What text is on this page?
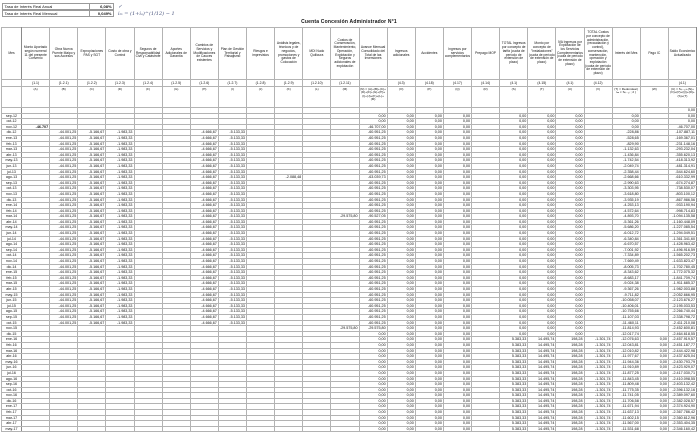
Tasa de Interés Real Anual	6,08%	✓
Tasa de Interés Real Mensual	0,049%	iₘ = (1+iₐ)^(1/12) − 1
Cuenta Concesión Administrador N°1
Mes	Monto Aportado según numeral 11 del presente Convenio	Obra Nueva Puente Maipo y sus Accesos	Expropiaciones PAS y SGT	Costo de obra y Control	Seguros de Responsabilidad Civil y Catástrofe	Aportes Adicionales de Garantía	Cambios de Servicios y Modificaciones de Cauces existentes	Plan de Gestión Territorial y Paisajismo	Riesgos e imprevistos	Análisis legales, técnicos y de negocios, promociones y gastos de Colocación	MDI Nudo Quilicura	Costos de Conservación, Mantenimiento, Operación, Explotación y Seguros adicionales de explotación	Avance Mensual Consolidado del Total de las Inversiones	Ingresos adicionales	Accidentes	Ingresos por servicios complementarios	Prepago MOP	TOTAL Ingresos por concepto de tarifa (cuota de período de extensión de plazo)	Monto por concepto de "Instalaciones" (cuota de período de extensión de plazo)	IVA Ingresos por Explotación de los Servicios Complementarios (cuota de período de extensión de plazo)	TOTAL Costos por concepto de administración, (recaudación y control), conservación, mantención, operación y explotación (cuota de período de extensión de plazo)	Interés del Mes	Pago IC	Saldo Económico Actualizado
	(1.1)	(1.2.1)	(1.2.2)	(1.2.3)	(1.2.4)	(1.2.5)	(1.2.6)	(1.2.7)	(1.2.8)	(1.2.9)	(1.2.10)	(1.2.11)		(4.3)	(4.18)	(4.17)	(4.14)	(4.1)	(4.15)	(4.1)	(4.12)			(4.1)
	(A)	(B)	(C)	(D)	(F)	(G)	(H)	(I)	(J)	(K)	(L)	(M)	(N) = (A)+(B)+(C)+(D)+(F)+(G)+(H)+(I)+(J)+(K)+(L)+(M)	(O)	(P)	(Q)	(R)	(S)	(T)	(U)	(V)	(T) = Redondear( iₘ × S₍ₜ₋₁₎ ; 2 )	(W)	(U) = S₍ₜ₋₁₎+(N)+(O)+(P)+(Q)+(R)+(S)+(T)
																								0,00
sep-12													0,00	0,00	0,00	0,00		0,00	0,00	0,00		0,00		0,00
oct-12													0,00	0,00	0,00	0,00		0,00	0,00	0,00		0,00		0,00
nov-12	-46.707												-46.707,00	0,00	0,00	0,00		0,00	0,00	0,00		0,00		-46.707,00
dic-12		-44.001,25	-5.166,67	-1.983,33			-4.666,67	-5.133,33					-60.951,25	0,00	0,00	0,00		0,00	0,00	0,00		-228,86		-107.887,11
ene-13		-44.001,25	-5.166,67	-1.983,33			-4.666,67	-5.133,33					-60.951,25	0,00	0,00	0,00		0,00	0,00	0,00		-528,65		-169.367,01
feb-13		-44.001,25	-5.166,67	-1.983,33			-4.666,67	-5.133,33					-60.951,25	0,00	0,00	0,00		0,00	0,00	0,00		-829,90		-231.148,16
mar-13		-44.001,25	-5.166,67	-1.983,33			-4.666,67	-5.133,33					-60.951,25	0,00	0,00	0,00		0,00	0,00	0,00		-1.132,63		-293.232,04
abr-13		-44.001,25	-5.166,67	-1.983,33			-4.666,67	-5.133,33					-60.951,25	0,00	0,00	0,00		0,00	0,00	0,00		-1.436,84		-355.620,13
may-13		-44.001,25	-5.166,67	-1.983,33			-4.666,67	-5.133,33					-60.951,25	0,00	0,00	0,00		0,00	0,00	0,00		-1.742,54		-418.313,92
jun-13		-44.001,25	-5.166,67	-1.983,33			-4.666,67	-5.133,33					-60.951,25	0,00	0,00	0,00		0,00	0,00	0,00		-2.049,74		-481.314,91
jul-13		-44.001,25	-5.166,67	-1.983,33			-4.666,67	-5.133,33					-60.951,25	0,00	0,00	0,00		0,00	0,00	0,00		-2.358,44		-544.624,60
ago-13		-44.001,25	-5.166,67	-1.983,33			-4.666,67	-5.133,33		-2.088,48			-63.039,73	0,00	0,00	0,00		0,00	0,00	0,00		-2.668,66		-610.332,99
sep-13		-44.001,25	-5.166,67	-1.983,33			-4.666,67	-5.133,33					-60.951,25	0,00	0,00	0,00		0,00	0,00	0,00		-2.990,63		-674.274,87
oct-13		-44.001,25	-5.166,67	-1.983,33			-4.666,67	-5.133,33					-60.951,25	0,00	0,00	0,00		0,00	0,00	0,00		-3.303,95		-738.530,07
nov-13		-44.001,25	-5.166,67	-1.983,33			-4.666,67	-5.133,33					-60.951,25	0,00	0,00	0,00		0,00	0,00	0,00		-3.618,80		-803.100,12
dic-13		-44.001,25	-5.166,67	-1.983,33			-4.666,67	-5.133,33					-60.951,25	0,00	0,00	0,00		0,00	0,00	0,00		-3.935,19		-867.986,56
ene-14		-44.001,25	-5.166,67	-1.983,33			-4.666,67	-5.133,33					-60.951,25	0,00	0,00	0,00		0,00	0,00	0,00		-4.253,13		-933.190,94
feb-14		-44.001,25	-5.166,67	-1.983,33			-4.666,67	-5.133,33					-60.951,25	0,00	0,00	0,00		0,00	0,00	0,00		-4.572,64		-998.714,83
mar-14		-44.001,25	-5.166,67	-1.983,33			-4.666,67	-5.133,33				-29.575,80	-90.527,05	0,00	0,00	0,00		0,00	0,00	0,00		-4.893,70		-1.094.135,58
abr-14		-44.001,25	-5.166,67	-1.983,33			-4.666,67	-5.133,33					-60.951,25	0,00	0,00	0,00		0,00	0,00	0,00		-5.361,26		-1.160.448,09
may-14		-44.001,25	-5.166,67	-1.983,33			-4.666,67	-5.133,33					-60.951,25	0,00	0,00	0,00		0,00	0,00	0,00		-5.686,20		-1.227.085,54
jun-14		-44.001,25	-5.166,67	-1.983,33			-4.666,67	-5.133,33					-60.951,25	0,00	0,00	0,00		0,00	0,00	0,00		-6.012,72		-1.294.049,51
jul-14		-44.001,25	-5.166,67	-1.983,33			-4.666,67	-5.133,33					-60.951,25	0,00	0,00	0,00		0,00	0,00	0,00		-6.340,84		-1.361.341,60
ago-14		-44.001,25	-5.166,67	-1.983,33			-4.666,67	-5.133,33					-60.951,25	0,00	0,00	0,00		0,00	0,00	0,00		-6.670,57		-1.428.963,42
sep-14		-44.001,25	-5.166,67	-1.983,33			-4.666,67	-5.133,33					-60.951,25	0,00	0,00	0,00		0,00	0,00	0,00		-7.001,92		-1.496.916,59
oct-14		-44.001,25	-5.166,67	-1.983,33			-4.666,67	-5.133,33					-60.951,25	0,00	0,00	0,00		0,00	0,00	0,00		-7.334,89		-1.565.202,73
nov-14		-44.001,25	-5.166,67	-1.983,33			-4.666,67	-5.133,33					-60.951,25	0,00	0,00	0,00		0,00	0,00	0,00		-7.669,49		-1.633.823,47
dic-14		-44.001,25	-5.166,67	-1.983,33			-4.666,67	-5.133,33					-60.951,25	0,00	0,00	0,00		0,00	0,00	0,00		-8.005,73		-1.702.780,45
ene-15		-44.001,25	-5.166,67	-1.983,33			-4.666,67	-5.133,33					-60.951,25	0,00	0,00	0,00		0,00	0,00	0,00		-8.343,62		-1.772.075,32
feb-15		-44.001,25	-5.166,67	-1.983,33			-4.666,67	-5.133,33					-60.951,25	0,00	0,00	0,00		0,00	0,00	0,00		-8.683,17		-1.841.709,74
mar-15		-44.001,25	-5.166,67	-1.983,33			-4.666,67	-5.133,33					-60.951,25	0,00	0,00	0,00		0,00	0,00	0,00		-9.024,38		-1.911.685,37
abr-15		-44.001,25	-5.166,67	-1.983,33			-4.666,67	-5.133,33					-60.951,25	0,00	0,00	0,00		0,00	0,00	0,00		-9.367,26		-1.982.003,88
may-15		-44.001,25	-5.166,67	-1.983,33			-4.666,67	-5.133,33					-60.951,25	0,00	0,00	0,00		0,00	0,00	0,00		-9.711,82		-2.052.666,95
jun-15		-44.001,25	-5.166,67	-1.983,33			-4.666,67	-5.133,33					-60.951,25	0,00	0,00	0,00		0,00	0,00	0,00		-10.058,07		-2.123.676,27
jul-15		-44.001,25	-5.166,67	-1.983,33			-4.666,67	-5.133,33					-60.951,25	0,00	0,00	0,00		0,00	0,00	0,00		-10.406,01		-2.195.033,53
ago-15		-44.001,25	-5.166,67	-1.983,33			-4.666,67	-5.133,33					-60.951,25	0,00	0,00	0,00		0,00	0,00	0,00		-10.755,66		-2.266.740,44
sep-15		-44.001,25	-5.166,67	-1.983,33			-4.666,67	-5.133,33					-60.951,25	0,00	0,00	0,00		0,00	0,00	0,00		-11.107,03		-2.338.798,72
oct-15		-44.001,25	-5.166,67	-1.983,33			-4.666,67	-5.133,33					-60.951,25	0,00	0,00	0,00		0,00	0,00	0,00		-11.460,11		-2.411.210,08
nov-15												-29.575,80	-29.575,80	0,00	0,00	0,00		0,00	0,00	0,00		-11.814,93		-2.452.600,81
dic-15													0,00	0,00	0,00	0,00		0,00	0,00	0,00		-12.017,74		-2.464.618,55
ene-16													0,00	0,00	0,00	0,00		5.383,33	14.495,74	198,28	-1.301,74	-12.076,63	0,00	-2.457.919,57
feb-16													0,00	0,00	0,00	0,00		5.383,33	14.495,74	198,28	-1.301,74	-12.043,81	0,00	-2.451.187,77
mar-16													0,00	0,00	0,00	0,00		5.383,33	14.495,74	198,28	-1.301,74	-12.010,82	0,00	-2.444.422,98
abr-16													0,00	0,00	0,00	0,00		5.383,33	14.495,74	198,28	-1.301,74	-11.977,67	0,00	-2.437.625,04
may-16													0,00	0,00	0,00	0,00		5.383,33	14.495,74	198,28	-1.301,74	-11.944,36	0,00	-2.430.793,79
jun-16													0,00	0,00	0,00	0,00		5.383,33	14.495,74	198,28	-1.301,74	-11.910,89	0,00	-2.423.929,07
jul-16													0,00	0,00	0,00	0,00		5.383,33	14.495,74	198,28	-1.301,74	-11.877,25	0,00	-2.417.030,71
ago-16													0,00	0,00	0,00	0,00		5.383,33	14.495,74	198,28	-1.301,74	-11.843,45	0,00	-2.410.098,55
sep-16													0,00	0,00	0,00	0,00		5.383,33	14.495,74	198,28	-1.301,74	-11.809,48	0,00	-2.403.132,42
oct-16													0,00	0,00	0,00	0,00		5.383,33	14.495,74	198,28	-1.301,74	-11.775,35	0,00	-2.396.132,16
nov-16													0,00	0,00	0,00	0,00		5.383,33	14.495,74	198,28	-1.301,74	-11.741,05	0,00	-2.389.097,60
dic-16													0,00	0,00	0,00	0,00		5.383,33	14.495,74	198,28	-1.301,74	-11.706,58	0,00	-2.382.028,57
ene-17													0,00	0,00	0,00	0,00		5.383,33	14.495,74	198,28	-1.301,74	-11.671,94	0,00	-2.374.924,90
feb-17													0,00	0,00	0,00	0,00		5.383,33	14.495,74	198,28	-1.301,74	-11.637,13	0,00	-2.367.786,42
mar-17													0,00	0,00	0,00	0,00		5.383,33	14.495,74	198,28	-1.301,74	-11.602,15	0,00	-2.360.612,96
abr-17													0,00	0,00	0,00	0,00		5.383,33	14.495,74	198,28	-1.301,74	-11.567,00	0,00	-2.353.404,35
may-17													0,00	0,00	0,00	0,00		5.383,33	14.495,74	198,28	-1.301,74	-11.531,68	0,00	-2.346.160,42
